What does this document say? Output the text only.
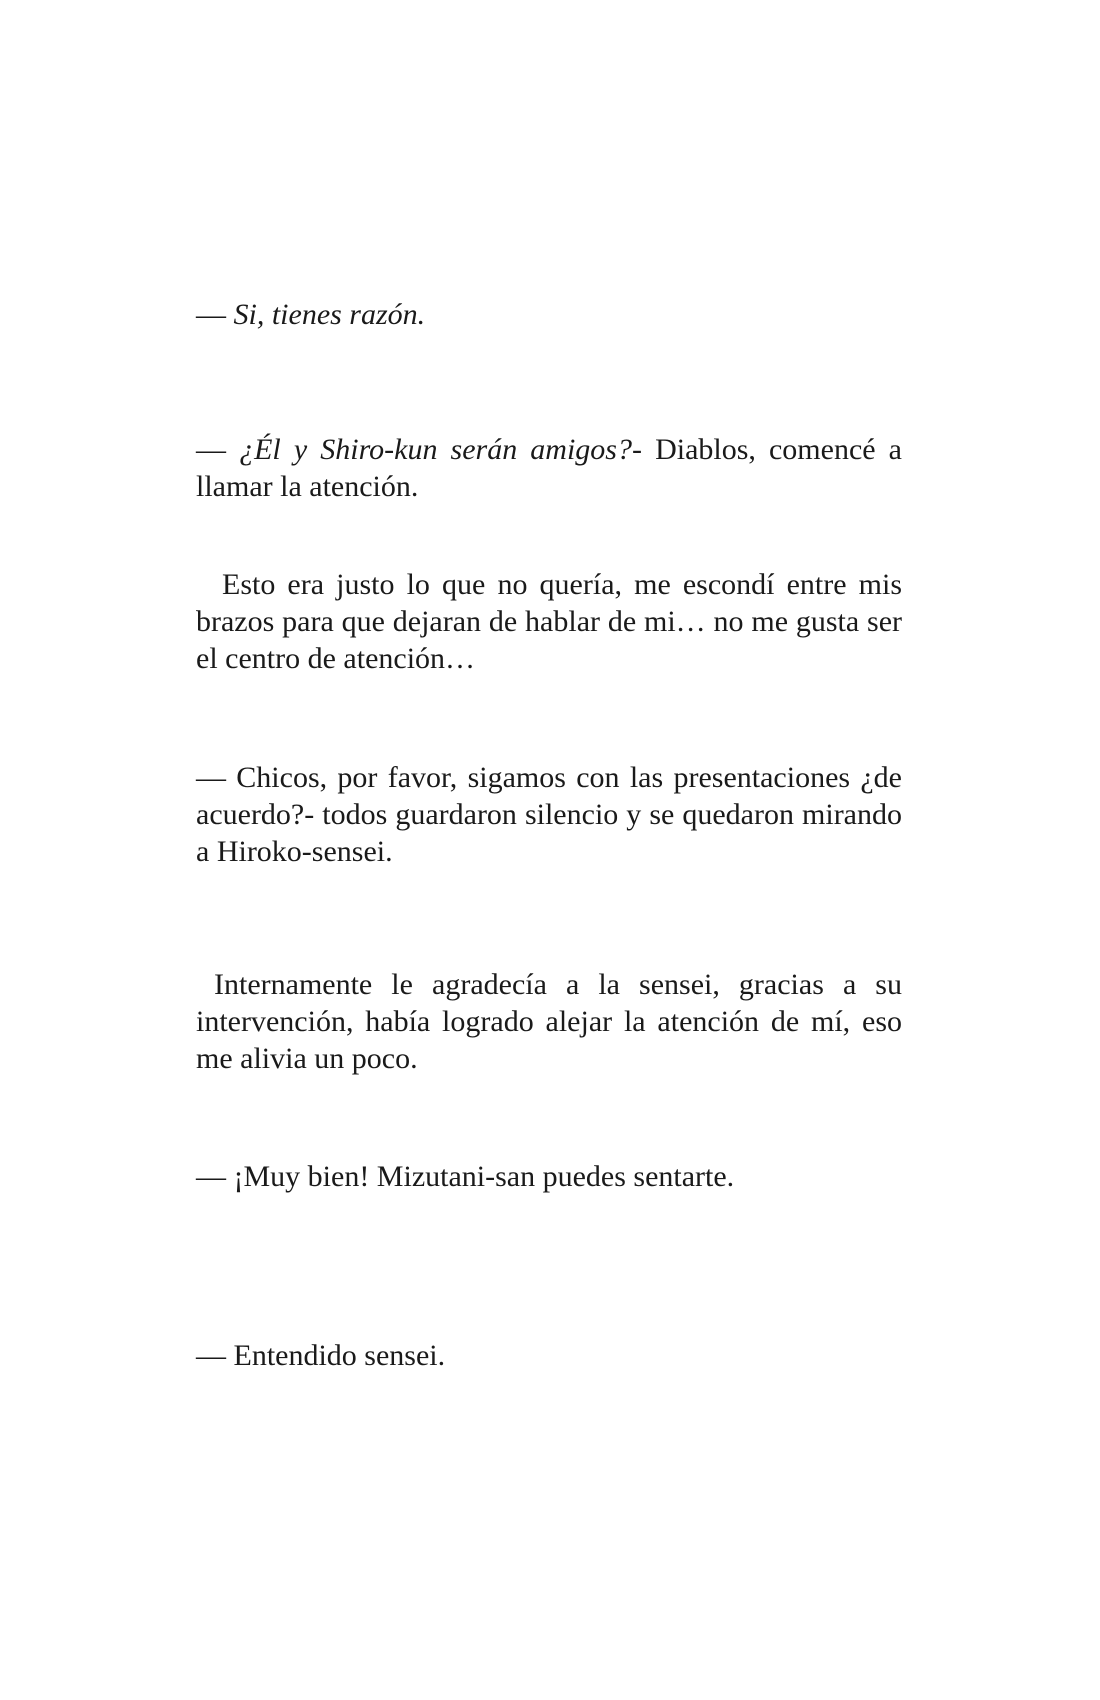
— Si, tienes razón.

— ¿Él y Shiro-kun serán amigos?- Diablos, comencé a llamar la atención.

Esto era justo lo que no quería, me escondí entre mis brazos para que dejaran de hablar de mi… no me gusta ser el centro de atención…

— Chicos, por favor, sigamos con las presentaciones ¿de acuerdo?- todos guardaron silencio y se quedaron mirando a Hiroko-sensei.

Internamente le agradecía a la sensei, gracias a su intervención, había logrado alejar la atención de mí, eso me alivia un poco.

— ¡Muy bien! Mizutani-san puedes sentarte.

— Entendido sensei.
